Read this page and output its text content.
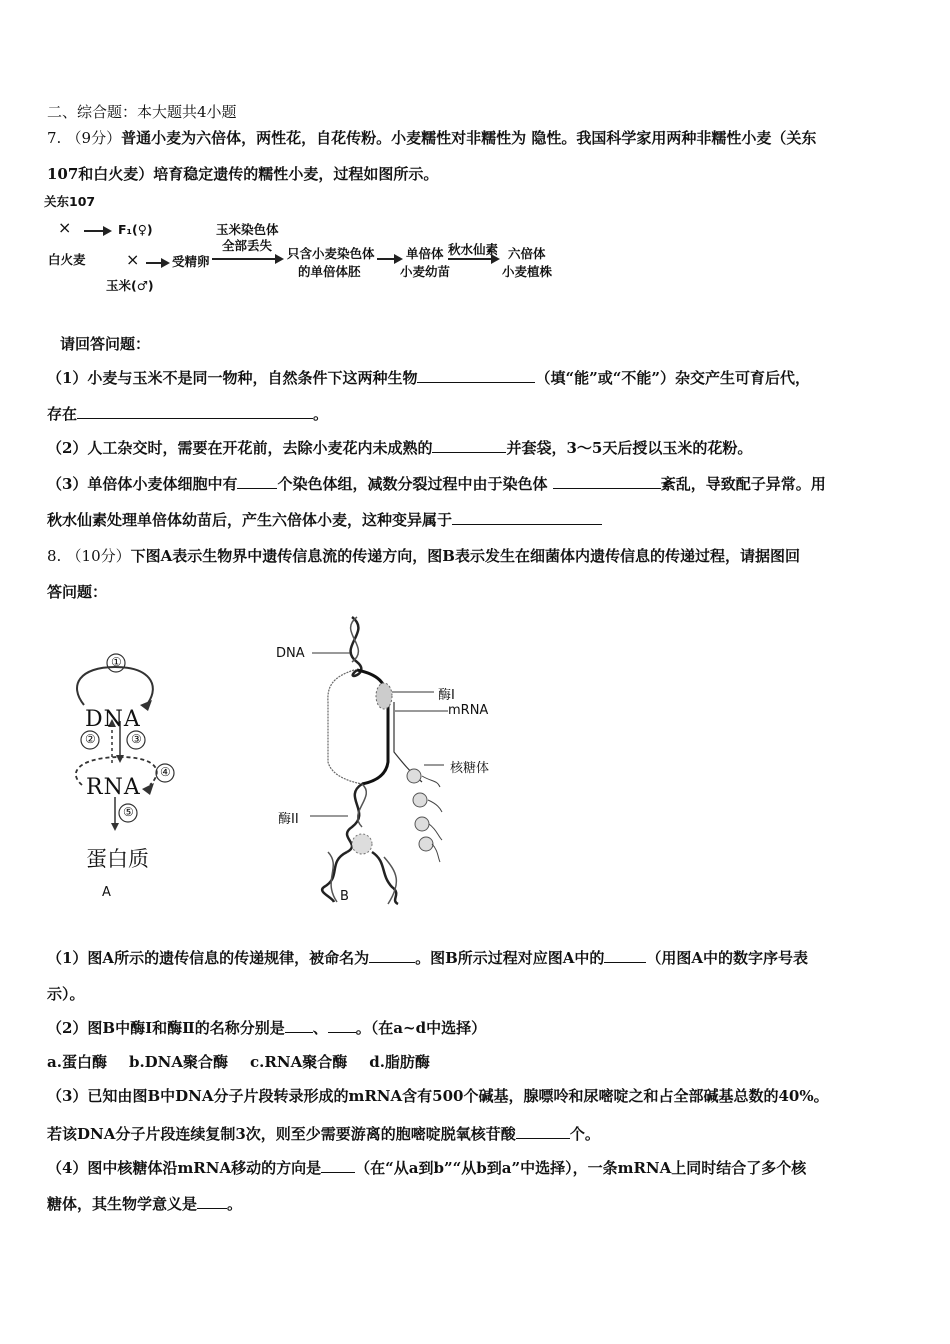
二、综合题：本大题共4小题
7. （9分）普通小麦为六倍体，两性花，自花传粉。小麦糯性对非糯性为 隐性。我国科学家用两种非糯性小麦（关东
107和白火麦）培育稳定遗传的糯性小麦，过程如图所示。
关东107
×	F₁(♀)
白火麦	×
玉米(♂)
受精卵
玉米染色体
全部丢失
只含小麦染色体
的单倍体胚
单倍体
小麦幼苗
秋水仙素 六倍体
小麦植株
请回答问题：
（1）小麦与玉米不是同一物种，自然条件下这两种生物	（填“能”或“不能”）杂交产生可育后代，
存在	。
（2）人工杂交时，需要在开花前，去除小麦花内未成熟的	并套袋，3～5天后授以玉米的花粉。
（3）单倍体小麦体细胞中有	个染色体组，减数分裂过程中由于染色体	紊乱，导致配子异常。用
秋水仙素处理单倍体幼苗后，产生六倍体小麦，这种变异属于
8. （10分）下图A表示生物界中遗传信息流的传递方向，图B表示发生在细菌体内遗传信息的传递过程，请据图回
答问题：
①
DNA
②	③
④
RNA
⑤
蛋白质
A
DNA
酶I
mRNA
核糖体
酶II
B
（1）图A所示的遗传信息的传递规律，被命名为	。图B所示过程对应图A中的	（用图A中的数字序号表
示）。
（2）图B中酶Ⅰ和酶Ⅱ的名称分别是 、 。（在a~d中选择）
a.蛋白酶 b.DNA聚合酶 c.RNA聚合酶 d.脂肪酶
（3）已知由图B中DNA分子片段转录形成的mRNA含有500个碱基，腺嘌呤和尿嘧啶之和占全部碱基总数的40%。
若该DNA分子片段连续复制3次，则至少需要游离的胞嘧啶脱氧核苷酸	个。
（4）图中核糖体沿mRNA移动的方向是 （在“从a到b”“从b到a”中选择），一条mRNA上同时结合了多个核
糖体，其生物学意义是 。
